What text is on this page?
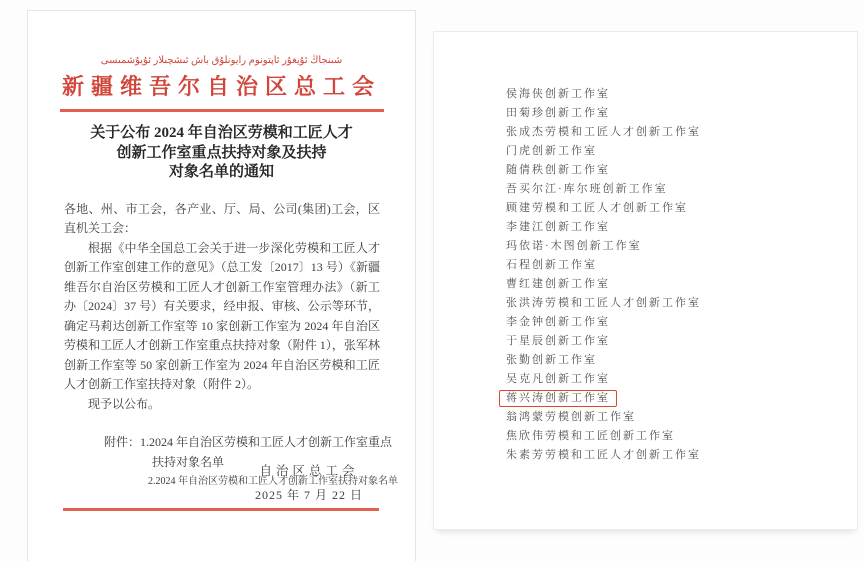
شىنجاڭ ئۇيغۇر ئاپتونوم رايونلۇق باش ئىشچىلار ئۇيۇشمىسى
新疆维吾尔自治区总工会
关于公布 2024 年自治区劳模和工匠人才
创新工作室重点扶持对象及扶持
对象名单的通知

各地、州、市工会，各产业、厅、局、公司(集团)工会，区直机关工会：

根据《中华全国总工会关于进一步深化劳模和工匠人才创新工作室创建工作的意见》（总工发〔2017〕13 号）《新疆维吾尔自治区劳模和工匠人才创新工作室管理办法》（新工办〔2024〕37 号）有关要求，经申报、审核、公示等环节，确定马莉达创新工作室等 10 家创新工作室为 2024 年自治区劳模和工匠人才创新工作室重点扶持对象（附件 1），张军林创新工作室等 50 家创新工作室为 2024 年自治区劳模和工匠人才创新工作室扶持对象（附件 2）。

现予以公布。

附件： 1.2024 年自治区劳模和工匠人才创新工作室重点扶持对象名单
2.2024 年自治区劳模和工匠人才创新工作室扶持对象名单
自治区总工会
2025 年 7 月 22 日
侯海侠创新工作室
田菊珍创新工作室
张成杰劳模和工匠人才创新工作室
门虎创新工作室
随倩秩创新工作室
吾买尔江·库尔班创新工作室
顾建劳模和工匠人才创新工作室
李建江创新工作室
玛依诺·木图创新工作室
石程创新工作室
曹红建创新工作室
张洪涛劳模和工匠人才创新工作室
李金钟创新工作室
于星辰创新工作室
张勤创新工作室
吴克凡创新工作室
蒋兴涛创新工作室
翁鸿蒙劳模创新工作室
焦欣伟劳模和工匠创新工作室
朱素芳劳模和工匠人才创新工作室
